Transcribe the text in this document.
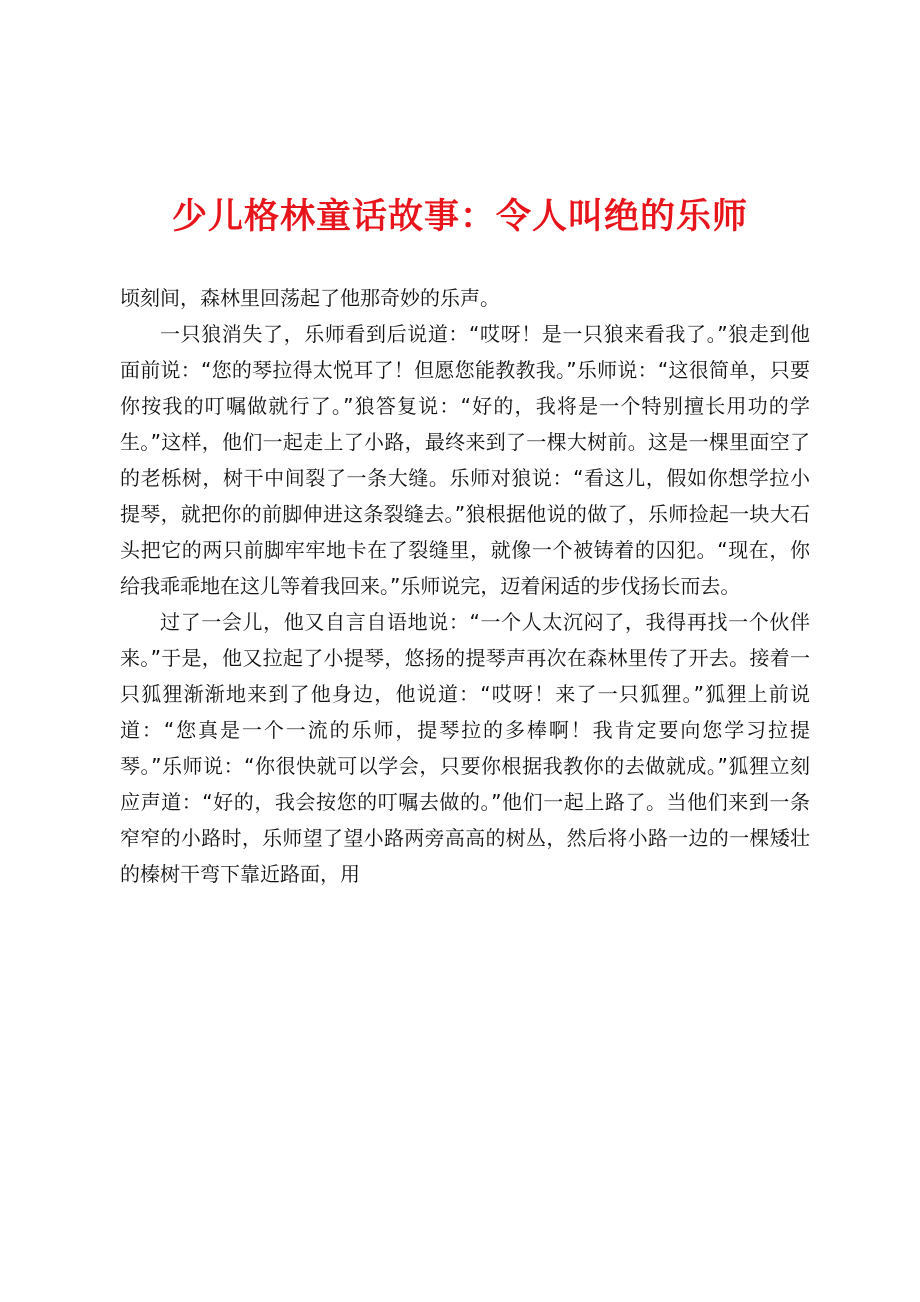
少儿格林童话故事：令人叫绝的乐师

顷刻间，森林里回荡起了他那奇妙的乐声。

一只狼消失了，乐师看到后说道：“哎呀！是一只狼来看我了。”狼走到他面前说：“您的琴拉得太悦耳了！但愿您能教教我。”乐师说：“这很简单，只要你按我的叮嘱做就行了。”狼答复说：“好的，我将是一个特别擅长用功的学生。”这样，他们一起走上了小路，最终来到了一棵大树前。这是一棵里面空了的老栎树，树干中间裂了一条大缝。乐师对狼说：“看这儿，假如你想学拉小提琴，就把你的前脚伸进这条裂缝去。”狼根据他说的做了，乐师捡起一块大石头把它的两只前脚牢牢地卡在了裂缝里，就像一个被铸着的囚犯。“现在，你给我乖乖地在这儿等着我回来。”乐师说完，迈着闲适的步伐扬长而去。

过了一会儿，他又自言自语地说：“一个人太沉闷了，我得再找一个伙伴来。”于是，他又拉起了小提琴，悠扬的提琴声再次在森林里传了开去。接着一只狐狸渐渐地来到了他身边，他说道：“哎呀！来了一只狐狸。”狐狸上前说道：“您真是一个一流的乐师，提琴拉的多棒啊！我肯定要向您学习拉提琴。”乐师说：“你很快就可以学会，只要你根据我教你的去做就成。”狐狸立刻应声道：“好的，我会按您的叮嘱去做的。”他们一起上路了。当他们来到一条窄窄的小路时，乐师望了望小路两旁高高的树丛，然后将小路一边的一棵矮壮的榛树干弯下靠近路面，用
